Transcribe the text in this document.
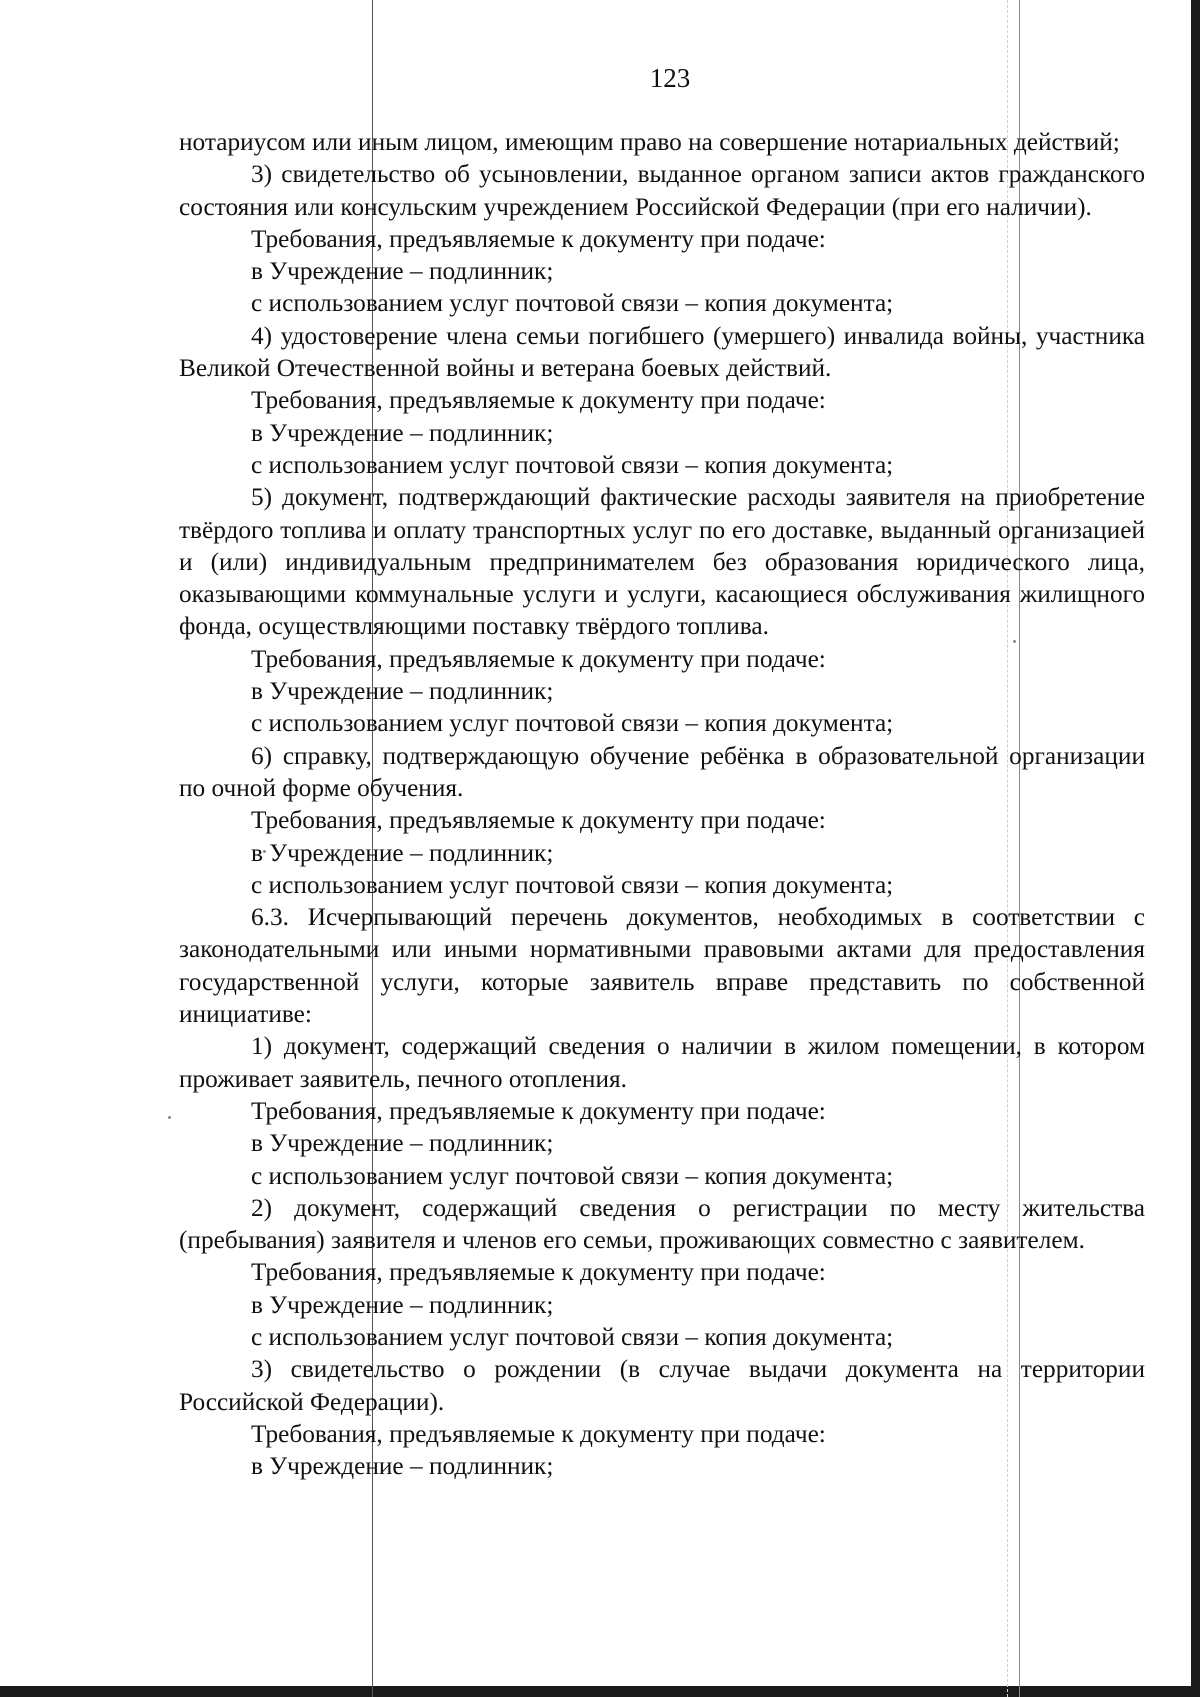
123

нотариусом или иным лицом, имеющим право на совершение нотариальных действий;

3) свидетельство об усыновлении, выданное органом записи актов гражданского состояния или консульским учреждением Российской Федерации (при его наличии).

Требования, предъявляемые к документу при подаче:

в Учреждение – подлинник;

с использованием услуг почтовой связи – копия документа;

4) удостоверение члена семьи погибшего (умершего) инвалида войны, участника Великой Отечественной войны и ветерана боевых действий.

Требования, предъявляемые к документу при подаче:

в Учреждение – подлинник;

с использованием услуг почтовой связи – копия документа;

5) документ, подтверждающий фактические расходы заявителя на приобретение твёрдого топлива и оплату транспортных услуг по его доставке, выданный организацией и (или) индивидуальным предпринимателем без образования юридического лица, оказывающими коммунальные услуги и услуги, касающиеся обслуживания жилищного фонда, осуществляющими поставку твёрдого топлива.

Требования, предъявляемые к документу при подаче:

в Учреждение – подлинник;

с использованием услуг почтовой связи – копия документа;

6) справку, подтверждающую обучение ребёнка в образовательной организации по очной форме обучения.

Требования, предъявляемые к документу при подаче:

в Учреждение – подлинник;

с использованием услуг почтовой связи – копия документа;

6.3. Исчерпывающий перечень документов, необходимых в соответствии с законодательными или иными нормативными правовыми актами для предоставления государственной услуги, которые заявитель вправе представить по собственной инициативе:

1) документ, содержащий сведения о наличии в жилом помещении, в котором проживает заявитель, печного отопления.

Требования, предъявляемые к документу при подаче:

в Учреждение – подлинник;

с использованием услуг почтовой связи – копия документа;

2) документ, содержащий сведения о регистрации по месту жительства (пребывания) заявителя и членов его семьи, проживающих совместно с заявителем.

Требования, предъявляемые к документу при подаче:

в Учреждение – подлинник;

с использованием услуг почтовой связи – копия документа;

3) свидетельство о рождении (в случае выдачи документа на территории Российской Федерации).

Требования, предъявляемые к документу при подаче:

в Учреждение – подлинник;
